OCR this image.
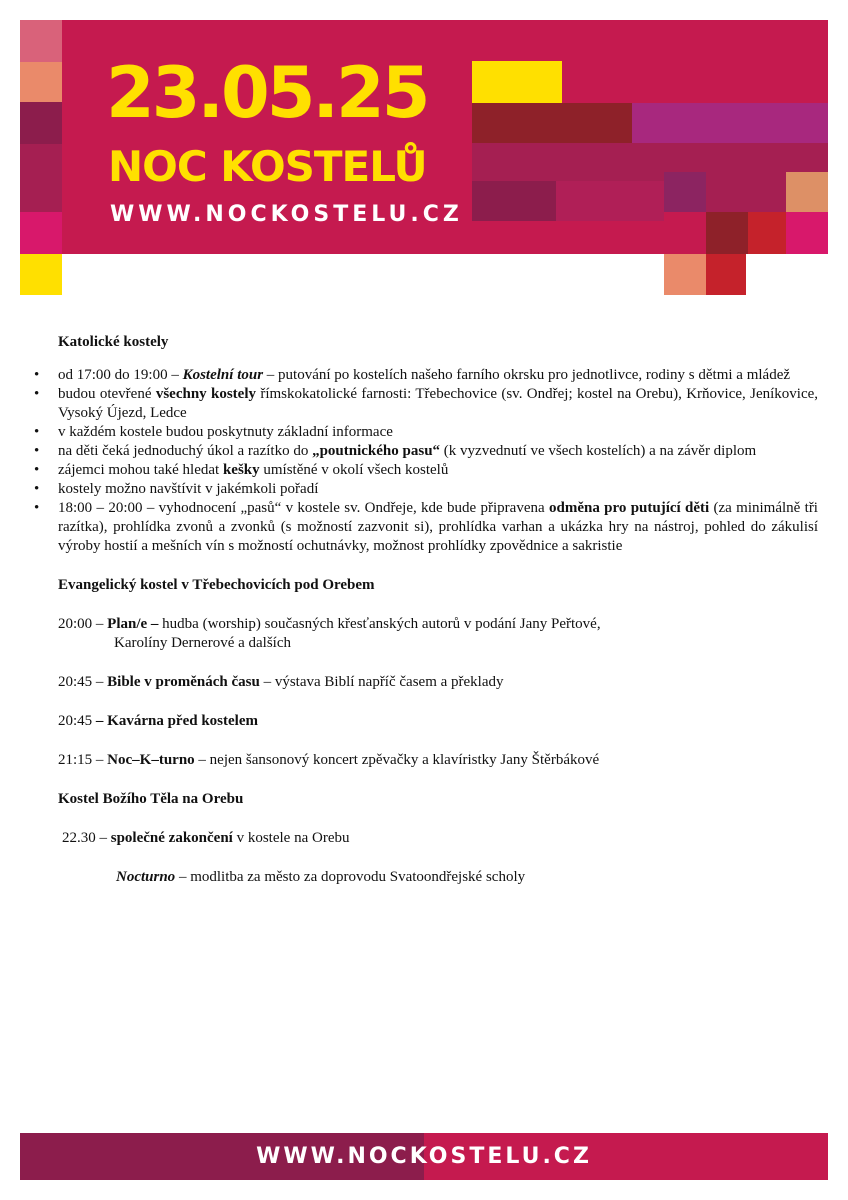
23.05.25
NOC KOSTELŮ
WWW.NOCKOSTELU.CZ

Katolické kostely

• od 17:00 do 19:00 – Kostelní tour – putování po kostelích našeho farního okrsku pro jednotlivce, rodiny s dětmi a mládež
• budou otevřené všechny kostely římskokatolické farnosti: Třebechovice (sv. Ondřej; kostel na Orebu), Krňovice, Jeníkovice, Vysoký Újezd, Ledce
• v každém kostele budou poskytnuty základní informace
• na děti čeká jednoduchý úkol a razítko do „poutnického pasu“ (k vyzvednutí ve všech kostelích) a na závěr diplom
• zájemci mohou také hledat kešky umístěné v okolí všech kostelů
• kostely možno navštívit v jakémkoli pořadí
• 18:00 – 20:00 – vyhodnocení „pasů“ v kostele sv. Ondřeje, kde bude připravena odměna pro putující děti (za minimálně tři razítka), prohlídka zvonů a zvonků (s možností zazvonit si), prohlídka varhan a ukázka hry na nástroj, pohled do zákulisí výroby hostií a mešních vín s možností ochutnávky, možnost prohlídky zpovědnice a sakristie

Evangelický kostel v Třebechovicích pod Orebem

20:00 – Plan/e – hudba (worship) současných křesťanských autorů v podání Jany Peřtové,
Karolíny Dernerové a dalších

20:45 – Bible v proměnách času – výstava Biblí napříč časem a překlady

20:45 – Kavárna před kostelem

21:15 – Noc–K–turno – nejen šansonový koncert zpěvačky a klavíristky Jany Štěrbákové

Kostel Božího Těla na Orebu

22.30 – společné zakončení v kostele na Orebu

Nocturno – modlitba za město za doprovodu Svatoondřejské scholy

WWW.NOCKOSTELU.CZ
